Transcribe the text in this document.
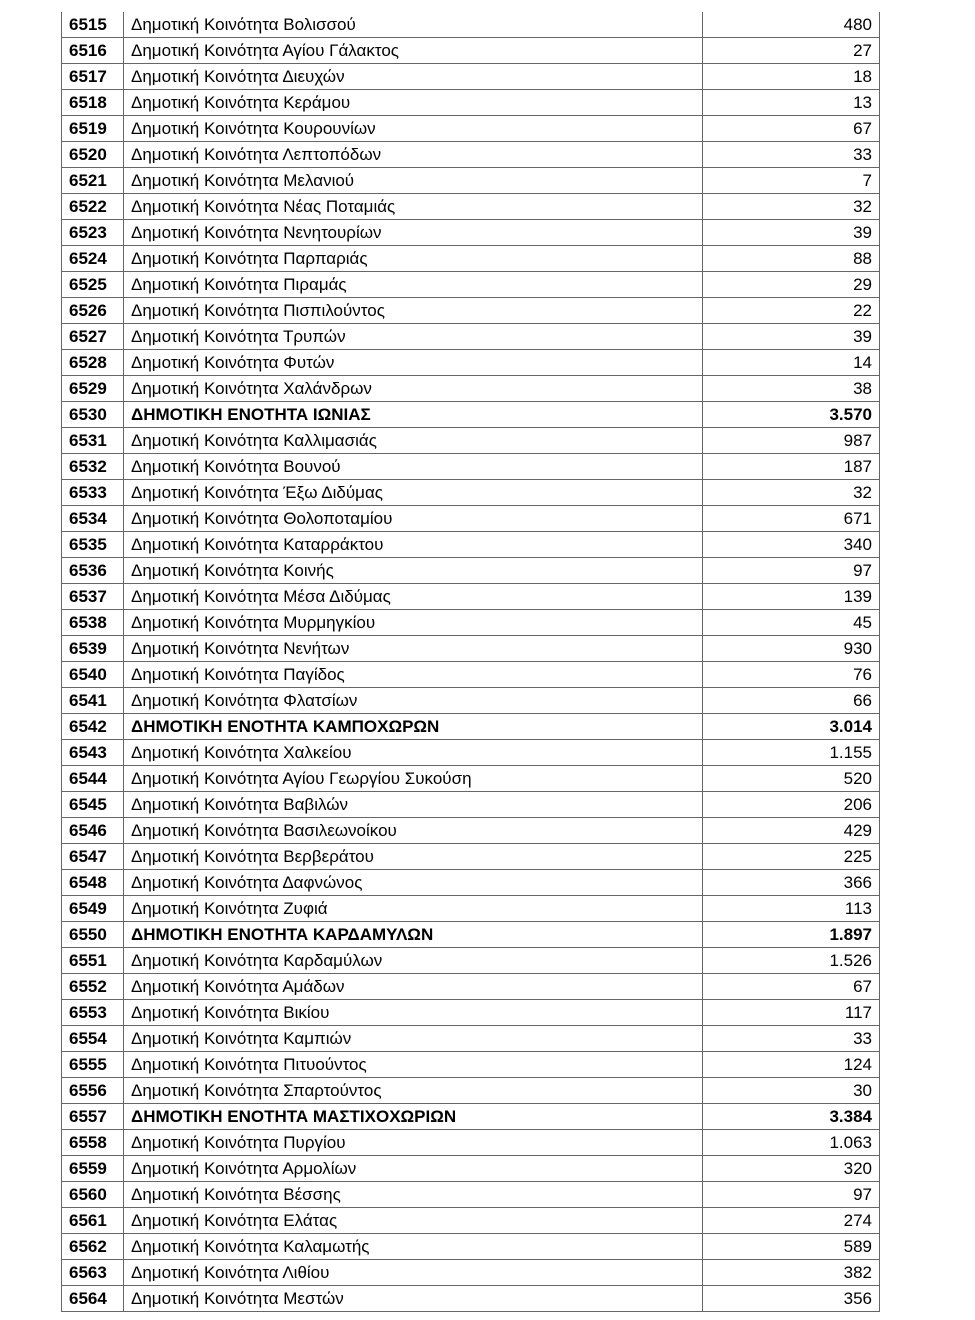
6515	Δημοτική Κοινότητα Βολισσού	480
6516	Δημοτική Κοινότητα Αγίου Γάλακτος	27
6517	Δημοτική Κοινότητα Διευχών	18
6518	Δημοτική Κοινότητα Κεράμου	13
6519	Δημοτική Κοινότητα Κουρουνίων	67
6520	Δημοτική Κοινότητα Λεπτοπόδων	33
6521	Δημοτική Κοινότητα Μελανιού	7
6522	Δημοτική Κοινότητα Νέας Ποταμιάς	32
6523	Δημοτική Κοινότητα Νενητουρίων	39
6524	Δημοτική Κοινότητα Παρπαριάς	88
6525	Δημοτική Κοινότητα Πιραμάς	29
6526	Δημοτική Κοινότητα Πισπιλούντος	22
6527	Δημοτική Κοινότητα Τρυπών	39
6528	Δημοτική Κοινότητα Φυτών	14
6529	Δημοτική Κοινότητα Χαλάνδρων	38
6530	ΔΗΜΟΤΙΚΗ ΕΝΟΤΗΤΑ ΙΩΝΙΑΣ	3.570
6531	Δημοτική Κοινότητα Καλλιμασιάς	987
6532	Δημοτική Κοινότητα Βουνού	187
6533	Δημοτική Κοινότητα Έξω Διδύμας	32
6534	Δημοτική Κοινότητα Θολοποταμίου	671
6535	Δημοτική Κοινότητα Καταρράκτου	340
6536	Δημοτική Κοινότητα Κοινής	97
6537	Δημοτική Κοινότητα Μέσα Διδύμας	139
6538	Δημοτική Κοινότητα Μυρμηγκίου	45
6539	Δημοτική Κοινότητα Νενήτων	930
6540	Δημοτική Κοινότητα Παγίδος	76
6541	Δημοτική Κοινότητα Φλατσίων	66
6542	ΔΗΜΟΤΙΚΗ ΕΝΟΤΗΤΑ ΚΑΜΠΟΧΩΡΩΝ	3.014
6543	Δημοτική Κοινότητα Χαλκείου	1.155
6544	Δημοτική Κοινότητα Αγίου Γεωργίου Συκούση	520
6545	Δημοτική Κοινότητα Βαβιλών	206
6546	Δημοτική Κοινότητα Βασιλεωνοίκου	429
6547	Δημοτική Κοινότητα Βερβεράτου	225
6548	Δημοτική Κοινότητα Δαφνώνος	366
6549	Δημοτική Κοινότητα Ζυφιά	113
6550	ΔΗΜΟΤΙΚΗ ΕΝΟΤΗΤΑ ΚΑΡΔΑΜΥΛΩΝ	1.897
6551	Δημοτική Κοινότητα Καρδαμύλων	1.526
6552	Δημοτική Κοινότητα Αμάδων	67
6553	Δημοτική Κοινότητα Βικίου	117
6554	Δημοτική Κοινότητα Καμπιών	33
6555	Δημοτική Κοινότητα Πιτυούντος	124
6556	Δημοτική Κοινότητα Σπαρτούντος	30
6557	ΔΗΜΟΤΙΚΗ ΕΝΟΤΗΤΑ ΜΑΣΤΙΧΟΧΩΡΙΩΝ	3.384
6558	Δημοτική Κοινότητα Πυργίου	1.063
6559	Δημοτική Κοινότητα Αρμολίων	320
6560	Δημοτική Κοινότητα Βέσσης	97
6561	Δημοτική Κοινότητα Ελάτας	274
6562	Δημοτική Κοινότητα Καλαμωτής	589
6563	Δημοτική Κοινότητα Λιθίου	382
6564	Δημοτική Κοινότητα Μεστών	356
